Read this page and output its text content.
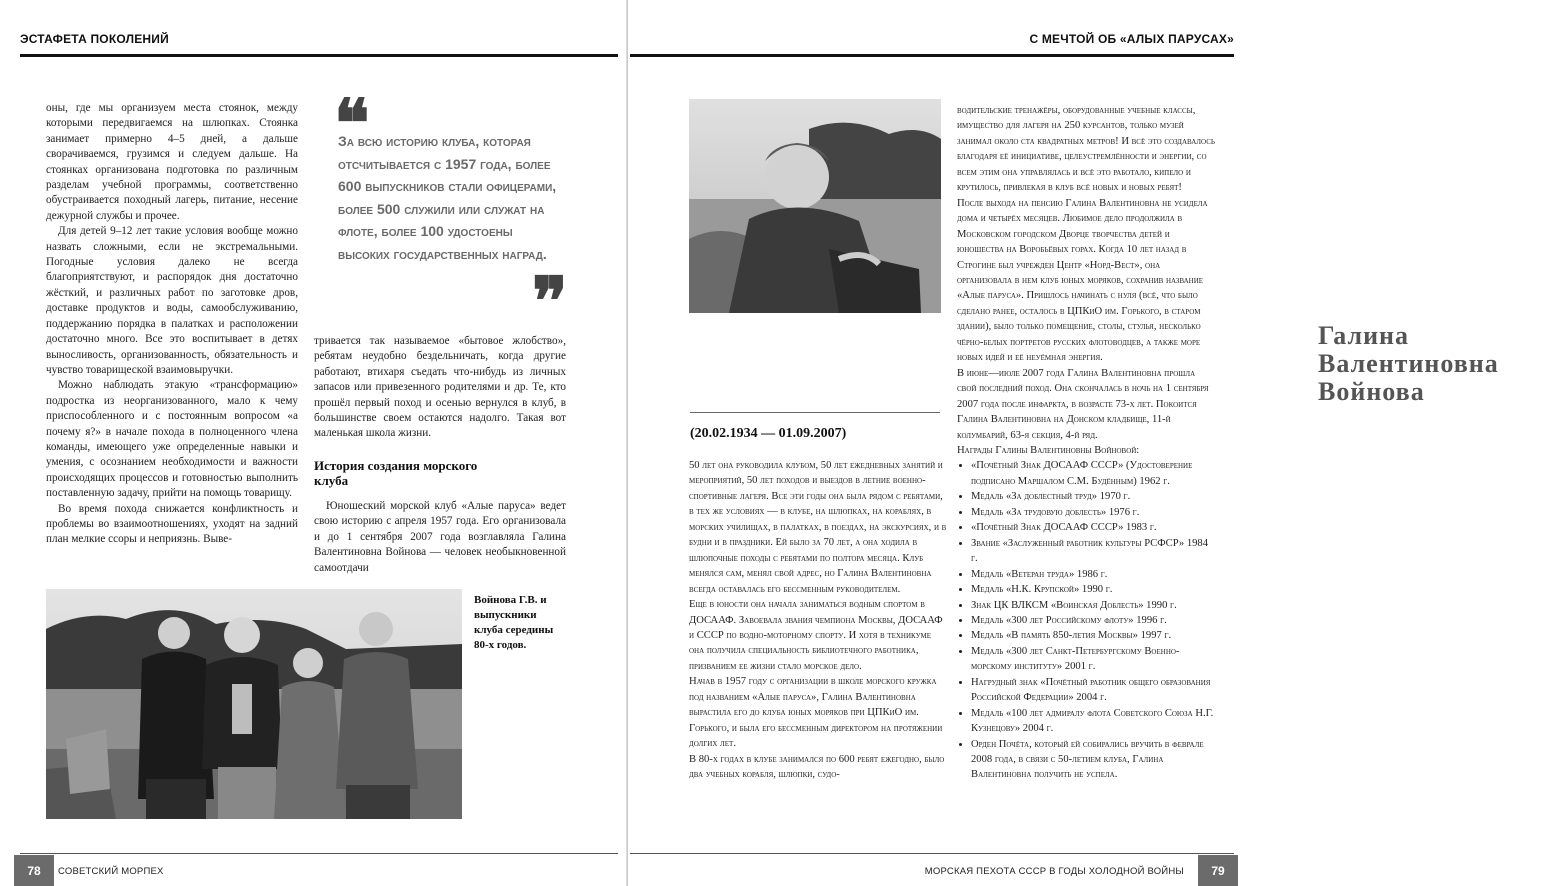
ЭСТАФЕТА ПОКОЛЕНИЙ

оны, где мы организуем места стоянок, между которыми передвигаемся на шлюпках. Стоянка занимает примерно 4–5 дней, а дальше сворачиваемся, грузимся и следуем дальше. На стоянках организована подготовка по различным разделам учебной программы, соответственно обустраивается походный лагерь, питание, несение дежурной службы и прочее.

Для детей 9–12 лет такие условия вообще можно назвать сложными, если не экстремальными. Погодные условия далеко не всегда благоприятствуют, и распорядок дня достаточно жёсткий, и различных работ по заготовке дров, доставке продуктов и воды, самообслуживанию, поддержанию порядка в палатках и расположении достаточно много. Все это воспитывает в детях выносливость, организованность, обязательность и чувство товарищеской взаимовыручки.

Можно наблюдать этакую «трансформацию» подростка из неорганизованного, мало к чему приспособленного и с постоянным вопросом «а почему я?» в начале похода в полноценного члена команды, имеющего уже определенные навыки и умения, с осознанием необходимости и важности происходящих процессов и готовностью выполнить поставленную задачу, прийти на помощь товарищу.

Во время похода снижается конфликтность и проблемы во взаимоотношениях, уходят на задний план мелкие ссоры и неприязнь. Выве-

❝
За всю историю клуба, которая отсчитывается с 1957 года, более 600 выпускников стали офицерами, более 500 служили или служат на флоте, более 100 удостоены высоких государственных наград.
❞

тривается так называемое «бытовое жлобство», ребятам неудобно бездельничать, когда другие работают, втихаря съедать что-нибудь из личных запасов или привезенного родителями и др. Те, кто прошёл первый поход и осенью вернулся в клуб, в большинстве своем остаются надолго. Такая вот маленькая школа жизни.

История создания морского клуба

Юношеский морской клуб «Алые паруса» ведет свою историю с апреля 1957 года. Его организовала и до 1 сентября 2007 года возглавляла Галина Валентиновна Войнова — человек необыкновенной самоотдачи

Войнова Г.В. и выпускники клуба середины 80-х годов.
78	СОВЕТСКИЙ МОРПЕХ
С МЕЧТОЙ ОБ «АЛЫХ ПАРУСАХ»
Галина
Валентиновна
Войнова
(20.02.1934 — 01.09.2007)

50 лет она руководила клубом, 50 лет ежедневных занятий и мероприятий, 50 лет походов и выездов в летние военно-спортивные лагеря. Все эти годы она была рядом с ребятами, в тех же условиях — в клубе, на шлюпках, на кораблях, в морских училищах, в палатках, в поездах, на экскурсиях, и в будни и в праздники. Ей было за 70 лет, а она ходила в шлюпочные походы с ребятами по полтора месяца. Клуб менялся сам, менял свой адрес, но Галина Валентиновна всегда оставалась его бессменным руководителем.

Еще в юности она начала заниматься водным спортом в ДОСААФ. Завоевала звания чемпиона Москвы, ДОСААФ и СССР по водно-моторному спорту. И хотя в техникуме она получила специальность библиотечного работника, призванием ее жизни стало морское дело.

Начав в 1957 году с организации в школе морского кружка под названием «Алые паруса», Галина Валентиновна вырастила его до клуба юных моряков при ЦПКиО им. Горького, и была его бессменным директором на протяжении долгих лет.

В 80-х годах в клубе занимался по 600 ребят ежегодно, было два учебных корабля, шлюпки, судо-

водительские тренажёры, оборудованные учебные классы, имущество для лагеря на 250 курсантов, только музей занимал около ста квадратных метров! И всё это создавалось благодаря её инициативе, целеустремлённости и энергии, со всем этим она управлялась и всё это работало, кипело и крутилось, привлекая в клуб всё новых и новых ребят!

После выхода на пенсию Галина Валентиновна не усидела дома и четырёх месяцев. Любимое дело продолжила в Московском городском Дворце творчества детей и юношества на Воробьёвых горах. Когда 10 лет назад в Строгине был учрежден Центр «Норд-Вест», она организовала в нем клуб юных моряков, сохранив название «Алые паруса». Пришлось начинать с нуля (всё, что было сделано ранее, осталось в ЦПКиО им. Горького, в старом здании), было только помещение, столы, стулья, несколько чёрно-белых портретов русских флотоводцев, а также море новых идей и её неуёмная энергия.

В июне—июле 2007 года Галина Валентиновна прошла свой последний поход. Она скончалась в ночь на 1 сентября 2007 года после инфаркта, в возрасте 73-х лет. Покоится Галина Валентиновна на Донском кладбище, 11-й колумбарий, 63-я секция, 4-й ряд.

Награды Галины Валентиновны Войновой:

• «Почётный Знак ДОСААФ СССР» (Удостоверение подписано Маршалом С.М. Будённым) 1962 г.
• Медаль «За доблестный труд» 1970 г.
• Медаль «За трудовую доблесть» 1976 г.
• «Почётный Знак ДОСААФ СССР» 1983 г.
• Звание «Заслуженный работник культуры РСФСР» 1984 г.
• Медаль «Ветеран труда» 1986 г.
• Медаль «Н.К. Крупской» 1990 г.
• Знак ЦК ВЛКСМ «Воинская Доблесть» 1990 г.
• Медаль «300 лет Российскому флоту» 1996 г.
• Медаль «В память 850-летия Москвы» 1997 г.
• Медаль «300 лет Санкт-Петербургскому Военно-морскому институту» 2001 г.
• Нагрудный знак «Почётный работник общего образования Российской Федерации» 2004 г.
• Медаль «100 лет адмиралу флота Советского Союза Н.Г. Кузнецову» 2004 г.
• Орден Почёта, который ей собирались вручить в феврале 2008 года, в связи с 50-летием клуба, Галина Валентиновна получить не успела.
МОРСКАЯ ПЕХОТА СССР В ГОДЫ ХОЛОДНОЙ ВОЙНЫ	79
